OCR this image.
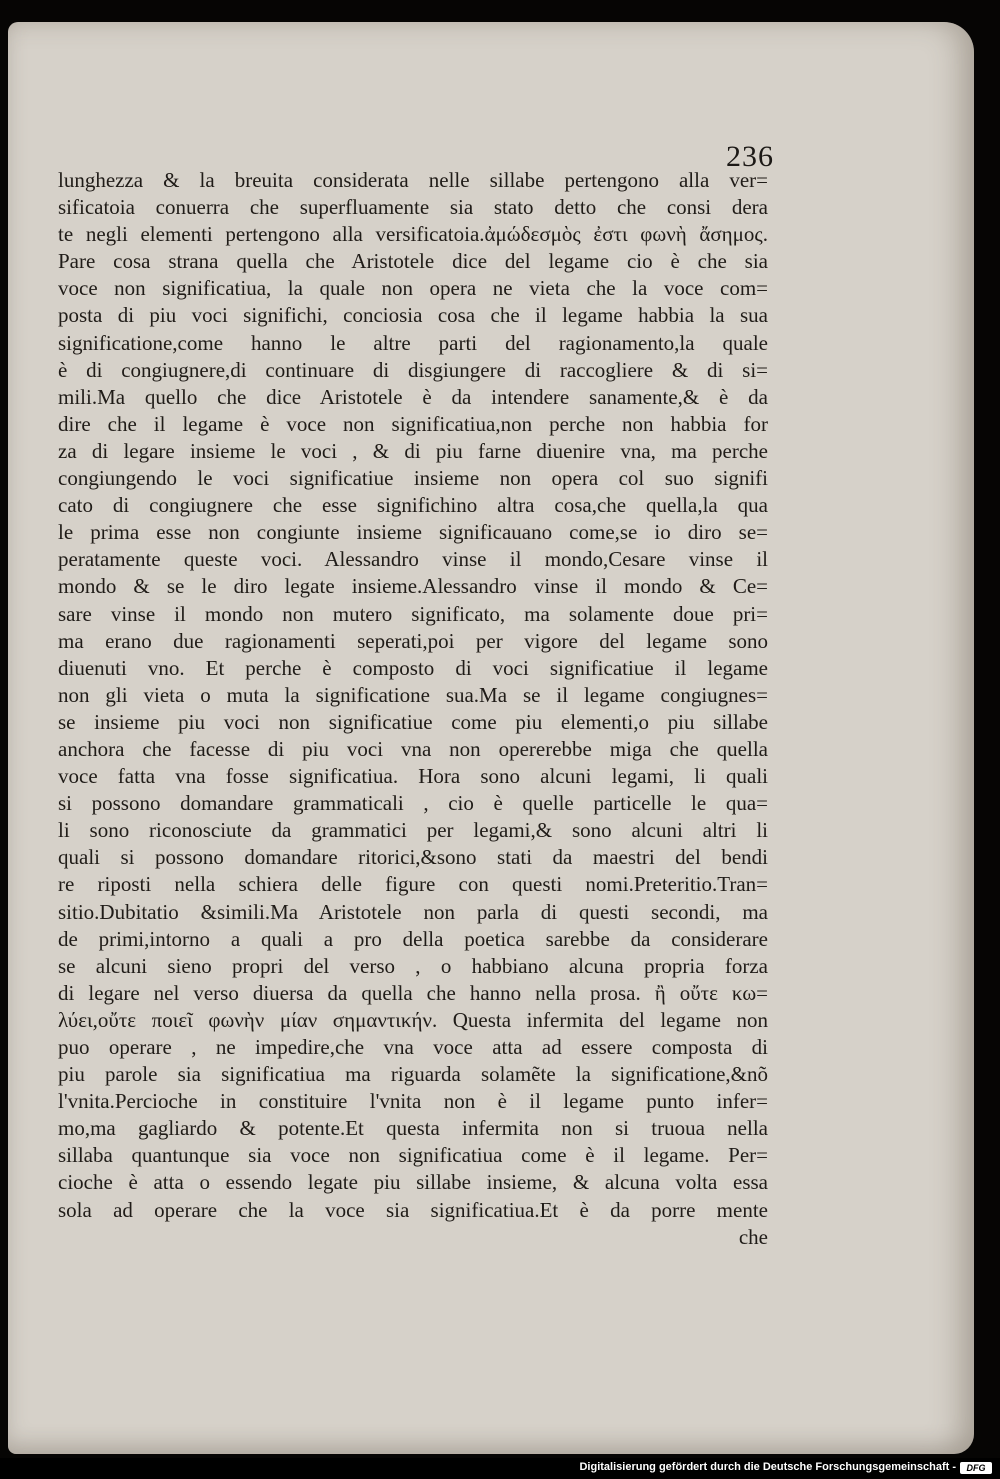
236
lunghezza & la breuita considerata nelle sillabe pertengono alla ver=
sificatoia conuerra che superfluamente sia stato detto che consi dera
te negli elementi pertengono alla versificatoia.ἀμώδεσμὸς ἐστι φωνὴ ἄσημος.
Pare cosa strana quella che Aristotele dice del legame cio è che sia
voce non significatiua, la quale non opera ne vieta che la voce com=
posta di piu voci significhi, conciosia cosa che il legame habbia la sua
significatione,come hanno le altre parti del ragionamento,la quale
è di congiugnere,di continuare di disgiungere di raccogliere & di si=
mili.Ma quello che dice Aristotele è da intendere sanamente,& è da
dire che il legame è voce non significatiua,non perche non habbia for
za di legare insieme le voci , & di piu farne diuenire vna, ma perche
congiungendo le voci significatiue insieme non opera col suo signifi
cato di congiugnere che esse significhino altra cosa,che quella,la qua
le prima esse non congiunte insieme significauano come,se io diro se=
peratamente queste voci. Alessandro vinse il mondo,Cesare vinse il
mondo & se le diro legate insieme.Alessandro vinse il mondo & Ce=
sare vinse il mondo non mutero significato, ma solamente doue pri=
ma erano due ragionamenti seperati,poi per vigore del legame sono
diuenuti vno. Et perche è composto di voci significatiue il legame
non gli vieta o muta la significatione sua.Ma se il legame congiugnes=
se insieme piu voci non significatiue come piu elementi,o piu sillabe
anchora che facesse di piu voci vna non opererebbe miga che quella
voce fatta vna fosse significatiua. Hora sono alcuni legami, li quali
si possono domandare grammaticali , cio è quelle particelle le qua=
li sono riconosciute da grammatici per legami,& sono alcuni altri li
quali si possono domandare ritorici,&sono stati da maestri del bendi
re riposti nella schiera delle figure con questi nomi.Preteritio.Tran=
sitio.Dubitatio &simili.Ma Aristotele non parla di questi secondi, ma
de primi,intorno a quali a pro della poetica sarebbe da considerare
se alcuni sieno propri del verso , o habbiano alcuna propria forza
di legare nel verso diuersa da quella che hanno nella prosa. ἢ οὔτε κω=
λύει,οὔτε ποιεῖ φωνὴν μίαν σημαντικήν. Questa infermita del legame non
puo operare , ne impedire,che vna voce atta ad essere composta di
piu parole sia significatiua ma riguarda solamẽte la significatione,&nõ
l'vnita.Percioche in constituire l'vnita non è il legame punto infer=
mo,ma gagliardo & potente.Et questa infermita non si truoua nella
sillaba quantunque sia voce non significatiua come è il legame. Per=
cioche è atta o essendo legate piu sillabe insieme, & alcuna volta essa
sola ad operare che la voce sia significatiua.Et è da porre mente
che
Digitalisierung gefördert durch die Deutsche Forschungsgemeinschaft -	DFG
